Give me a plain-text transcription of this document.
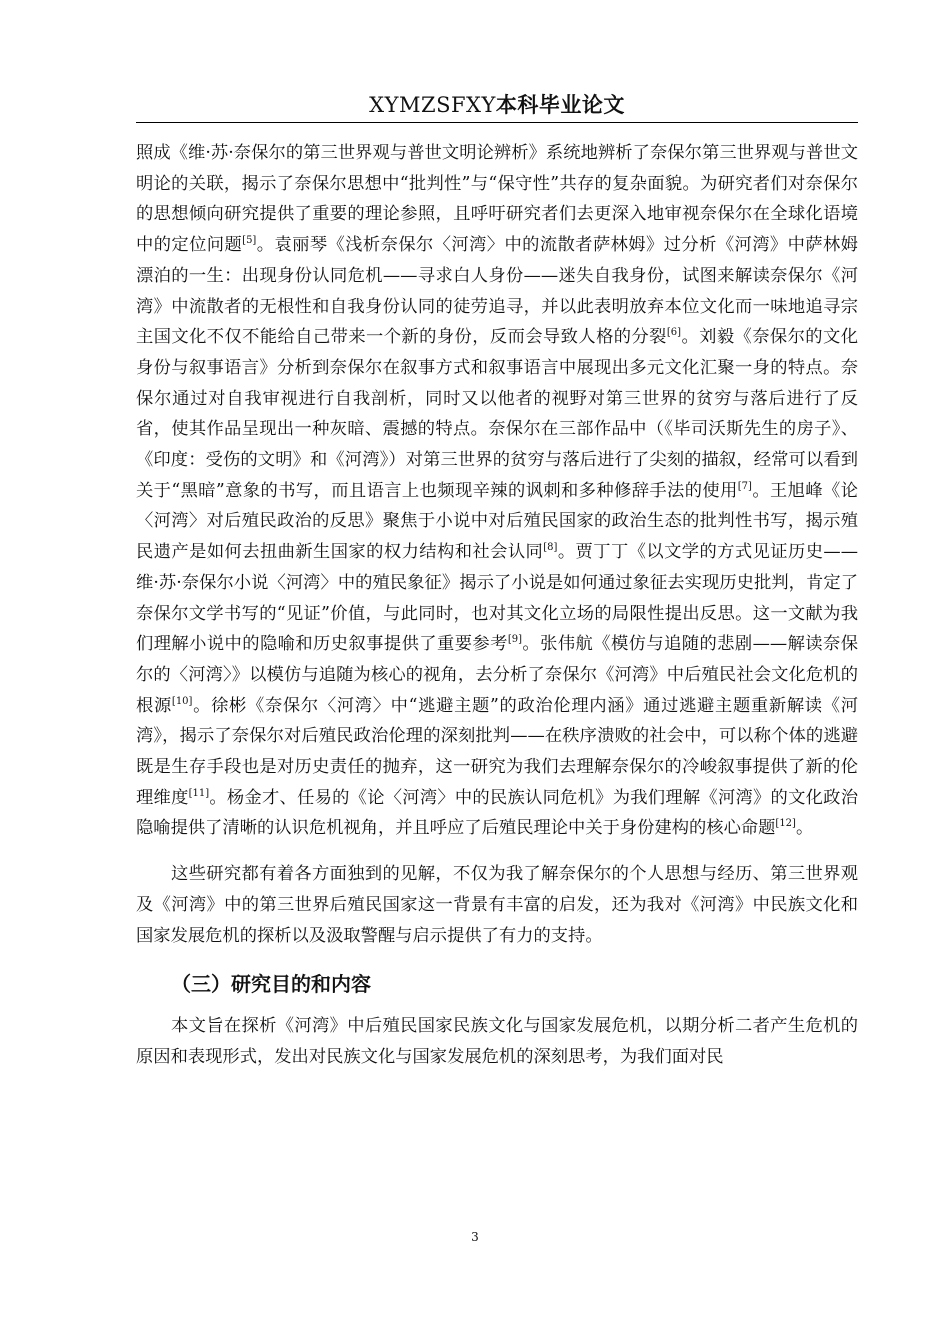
XYMZSFXY本科毕业论文

照成《维·苏·奈保尔的第三世界观与普世文明论辨析》系统地辨析了奈保尔第三世界观与普世文明论的关联，揭示了奈保尔思想中“批判性”与“保守性”共存的复杂面貌。为研究者们对奈保尔的思想倾向研究提供了重要的理论参照，且呼吁研究者们去更深入地审视奈保尔在全球化语境中的定位问题[5]。袁丽琴《浅析奈保尔〈河湾〉中的流散者萨林姆》过分析《河湾》中萨林姆漂泊的一生：出现身份认同危机——寻求白人身份——迷失自我身份，试图来解读奈保尔《河湾》中流散者的无根性和自我身份认同的徒劳追寻，并以此表明放弃本位文化而一味地追寻宗主国文化不仅不能给自己带来一个新的身份，反而会导致人格的分裂[6]。刘毅《奈保尔的文化身份与叙事语言》分析到奈保尔在叙事方式和叙事语言中展现出多元文化汇聚一身的特点。奈保尔通过对自我审视进行自我剖析，同时又以他者的视野对第三世界的贫穷与落后进行了反省，使其作品呈现出一种灰暗、震撼的特点。奈保尔在三部作品中（《毕司沃斯先生的房子》、《印度：受伤的文明》和《河湾》）对第三世界的贫穷与落后进行了尖刻的描叙，经常可以看到关于“黑暗”意象的书写，而且语言上也频现辛辣的讽刺和多种修辞手法的使用[7]。王旭峰《论〈河湾〉对后殖民政治的反思》聚焦于小说中对后殖民国家的政治生态的批判性书写，揭示殖民遗产是如何去扭曲新生国家的权力结构和社会认同[8]。贾丁丁《以文学的方式见证历史——维·苏·奈保尔小说〈河湾〉中的殖民象征》揭示了小说是如何通过象征去实现历史批判，肯定了奈保尔文学书写的“见证”价值，与此同时，也对其文化立场的局限性提出反思。这一文献为我们理解小说中的隐喻和历史叙事提供了重要参考[9]。张伟航《模仿与追随的悲剧——解读奈保尔的〈河湾〉》以模仿与追随为核心的视角，去分析了奈保尔《河湾》中后殖民社会文化危机的根源[10]。徐彬《奈保尔〈河湾〉中“逃避主题”的政治伦理内涵》通过逃避主题重新解读《河湾》，揭示了奈保尔对后殖民政治伦理的深刻批判——在秩序溃败的社会中，可以称个体的逃避既是生存手段也是对历史责任的抛弃，这一研究为我们去理解奈保尔的冷峻叙事提供了新的伦理维度[11]。杨金才、任易的《论〈河湾〉中的民族认同危机》为我们理解《河湾》的文化政治隐喻提供了清晰的认识危机视角，并且呼应了后殖民理论中关于身份建构的核心命题[12]。

这些研究都有着各方面独到的见解，不仅为我了解奈保尔的个人思想与经历、第三世界观及《河湾》中的第三世界后殖民国家这一背景有丰富的启发，还为我对《河湾》中民族文化和国家发展危机的探析以及汲取警醒与启示提供了有力的支持。

（三）研究目的和内容

本文旨在探析《河湾》中后殖民国家民族文化与国家发展危机，以期分析二者产生危机的原因和表现形式，发出对民族文化与国家发展危机的深刻思考，为我们面对民

3
